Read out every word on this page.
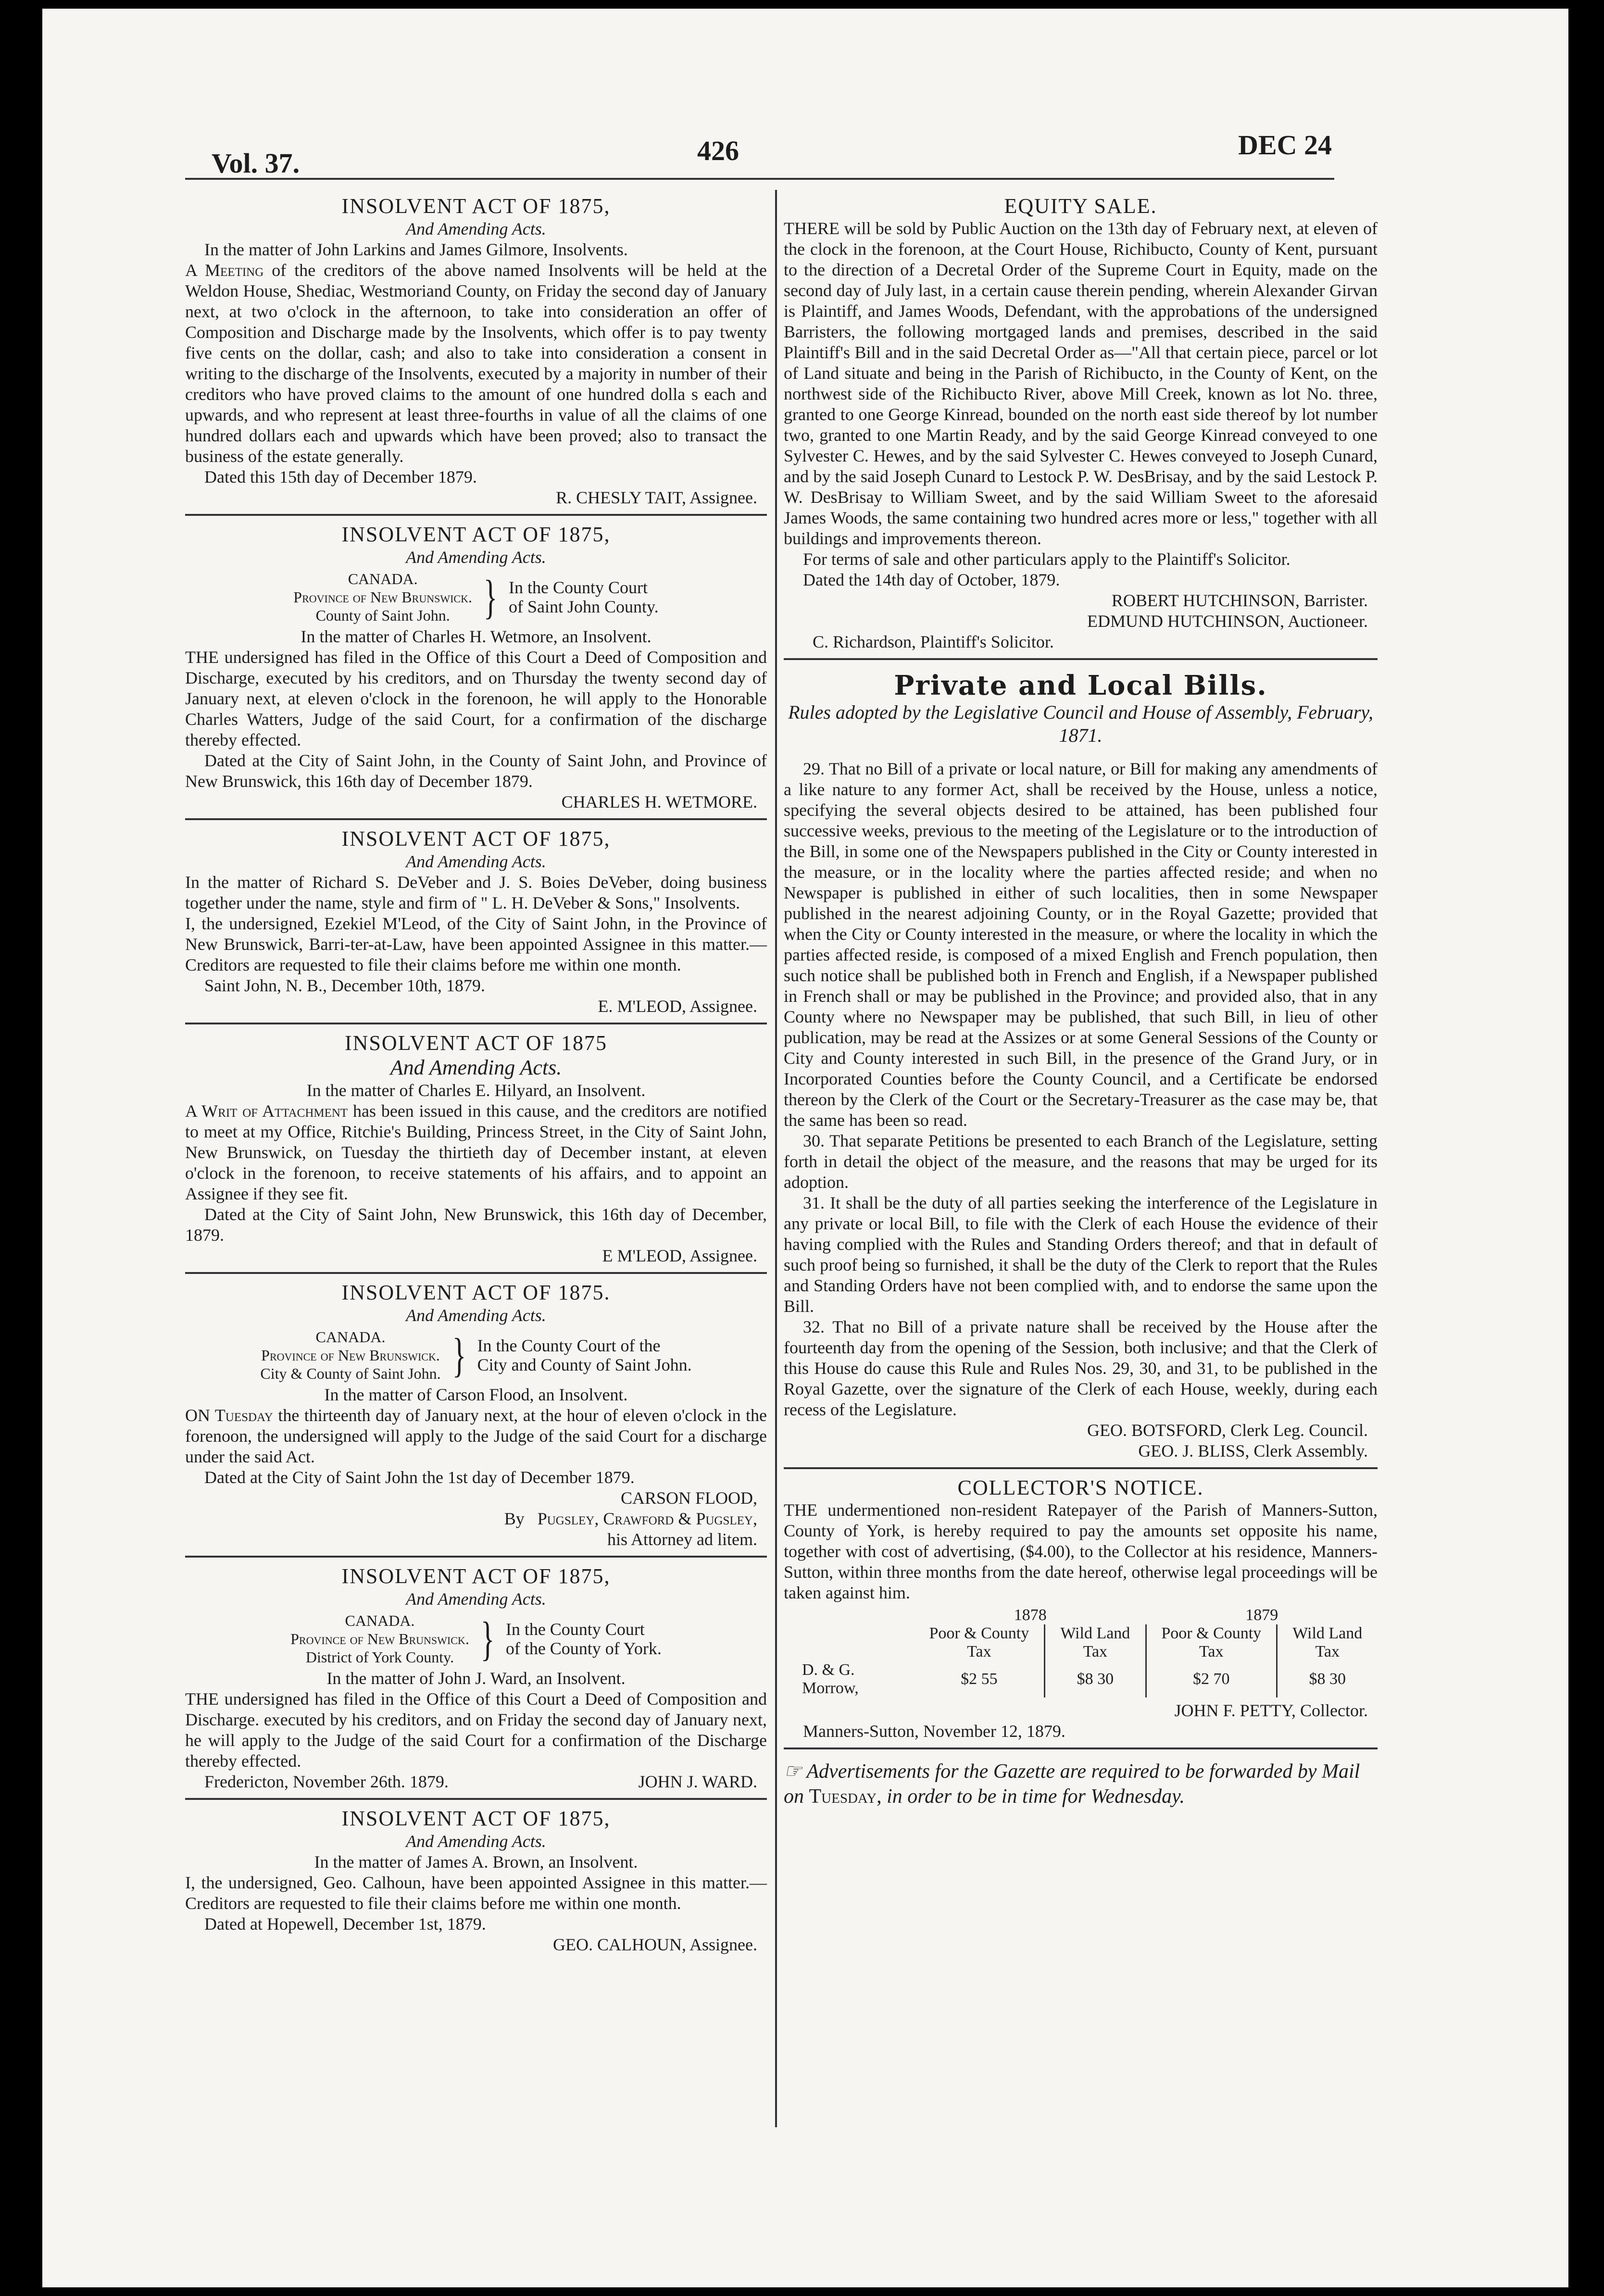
Vol. 37.	426	DEC 24
INSOLVENT ACT OF 1875,
And Amending Acts.

In the matter of John Larkins and James Gilmore, Insolvents.

A Meeting of the creditors of the above named Insolvents will be held at the Weldon House, Shediac, Westmoriand County, on Friday the second day of January next, at two o'clock in the afternoon, to take into consideration an offer of Composition and Discharge made by the Insolvents, which offer is to pay twenty five cents on the dollar, cash; and also to take into consideration a consent in writing to the discharge of the Insolvents, executed by a majority in number of their creditors who have proved claims to the amount of one hundred dolla s each and upwards, and who represent at least three-fourths in value of all the claims of one hundred dollars each and upwards which have been proved; also to transact the business of the estate generally.

Dated this 15th day of December 1879.

R. CHESLY TAIT, Assignee.
INSOLVENT ACT OF 1875,
And Amending Acts.
CANADA.
Province of New Brunswick.
County of Saint John. } In the County Court
of Saint John County.

In the matter of Charles H. Wetmore, an Insolvent.

THE undersigned has filed in the Office of this Court a Deed of Composition and Discharge, executed by his creditors, and on Thursday the twenty second day of January next, at eleven o'clock in the forenoon, he will apply to the Honorable Charles Watters, Judge of the said Court, for a confirmation of the discharge thereby effected.

Dated at the City of Saint John, in the County of Saint John, and Province of New Brunswick, this 16th day of December 1879.

CHARLES H. WETMORE.
INSOLVENT ACT OF 1875,
And Amending Acts.

In the matter of Richard S. DeVeber and J. S. Boies DeVeber, doing business together under the name, style and firm of " L. H. DeVeber & Sons," Insolvents.

I, the undersigned, Ezekiel M'Leod, of the City of Saint John, in the Province of New Brunswick, Barri-ter-at-Law, have been appointed Assignee in this matter.—Creditors are requested to file their claims before me within one month.

Saint John, N. B., December 10th, 1879.

E. M'LEOD, Assignee.
INSOLVENT ACT OF 1875
And Amending Acts.

In the matter of Charles E. Hilyard, an Insolvent.

A Writ of Attachment has been issued in this cause, and the creditors are notified to meet at my Office, Ritchie's Building, Princess Street, in the City of Saint John, New Brunswick, on Tuesday the thirtieth day of December instant, at eleven o'clock in the forenoon, to receive statements of his affairs, and to appoint an Assignee if they see fit.

Dated at the City of Saint John, New Brunswick, this 16th day of December, 1879.

E M'LEOD, Assignee.
INSOLVENT ACT OF 1875.
And Amending Acts.
CANADA.
Province of New Brunswick.
City & County of Saint John. } In the County Court of the
City and County of Saint John.

In the matter of Carson Flood, an Insolvent.

ON Tuesday the thirteenth day of January next, at the hour of eleven o'clock in the forenoon, the undersigned will apply to the Judge of the said Court for a discharge under the said Act.

Dated at the City of Saint John the 1st day of December 1879.

CARSON FLOOD,
By Pugsley, Crawford & Pugsley,
his Attorney ad litem.
INSOLVENT ACT OF 1875,
And Amending Acts.
CANADA.
Province of New Brunswick.
District of York County. } In the County Court
of the County of York.

In the matter of John J. Ward, an Insolvent.

THE undersigned has filed in the Office of this Court a Deed of Composition and Discharge. executed by his creditors, and on Friday the second day of January next, he will apply to the Judge of the said Court for a confirmation of the Discharge thereby effected.

Fredericton, November 26th. 1879.	JOHN J. WARD.
INSOLVENT ACT OF 1875,
And Amending Acts.

In the matter of James A. Brown, an Insolvent.

I, the undersigned, Geo. Calhoun, have been appointed Assignee in this matter.—Creditors are requested to file their claims before me within one month.

Dated at Hopewell, December 1st, 1879.

GEO. CALHOUN, Assignee.
EQUITY SALE.

THERE will be sold by Public Auction on the 13th day of February next, at eleven of the clock in the forenoon, at the Court House, Richibucto, County of Kent, pursuant to the direction of a Decretal Order of the Supreme Court in Equity, made on the second day of July last, in a certain cause therein pending, wherein Alexander Girvan is Plaintiff, and James Woods, Defendant, with the approbations of the undersigned Barristers, the following mortgaged lands and premises, described in the said Plaintiff's Bill and in the said Decretal Order as—"All that certain piece, parcel or lot of Land situate and being in the Parish of Richibucto, in the County of Kent, on the northwest side of the Richibucto River, above Mill Creek, known as lot No. three, granted to one George Kinread, bounded on the north east side thereof by lot number two, granted to one Martin Ready, and by the said George Kinread conveyed to one Sylvester C. Hewes, and by the said Sylvester C. Hewes conveyed to Joseph Cunard, and by the said Joseph Cunard to Lestock P. W. DesBrisay, and by the said Lestock P. W. DesBrisay to William Sweet, and by the said William Sweet to the aforesaid James Woods, the same containing two hundred acres more or less," together with all buildings and improvements thereon.

For terms of sale and other particulars apply to the Plaintiff's Solicitor.

Dated the 14th day of October, 1879.

ROBERT HUTCHINSON, Barrister.
EDMUND HUTCHINSON, Auctioneer.
C. Richardson, Plaintiff's Solicitor.
Private and Local Bills.
Rules adopted by the Legislative Council and House of Assembly, February, 1871.

29. That no Bill of a private or local nature, or Bill for making any amendments of a like nature to any former Act, shall be received by the House, unless a notice, specifying the several objects desired to be attained, has been published four successive weeks, previous to the meeting of the Legislature or to the introduction of the Bill, in some one of the Newspapers published in the City or County interested in the measure, or in the locality where the parties affected reside; and when no Newspaper is published in either of such localities, then in some Newspaper published in the nearest adjoining County, or in the Royal Gazette; provided that when the City or County interested in the measure, or where the locality in which the parties affected reside, is composed of a mixed English and French population, then such notice shall be published both in French and English, if a Newspaper published in French shall or may be published in the Province; and provided also, that in any County where no Newspaper may be published, that such Bill, in lieu of other publication, may be read at the Assizes or at some General Sessions of the County or City and County interested in such Bill, in the presence of the Grand Jury, or in Incorporated Counties before the County Council, and a Certificate be endorsed thereon by the Clerk of the Court or the Secretary-Treasurer as the case may be, that the same has been so read.

30. That separate Petitions be presented to each Branch of the Legislature, setting forth in detail the object of the measure, and the reasons that may be urged for its adoption.

31. It shall be the duty of all parties seeking the interference of the Legislature in any private or local Bill, to file with the Clerk of each House the evidence of their having complied with the Rules and Standing Orders thereof; and that in default of such proof being so furnished, it shall be the duty of the Clerk to report that the Rules and Standing Orders have not been complied with, and to endorse the same upon the Bill.

32. That no Bill of a private nature shall be received by the House after the fourteenth day from the opening of the Session, both inclusive; and that the Clerk of this House do cause this Rule and Rules Nos. 29, 30, and 31, to be published in the Royal Gazette, over the signature of the Clerk of each House, weekly, during each recess of the Legislature.

GEO. BOTSFORD, Clerk Leg. Council.
GEO. J. BLISS, Clerk Assembly.
COLLECTOR'S NOTICE.

THE undermentioned non-resident Ratepayer of the Parish of Manners-Sutton, County of York, is hereby required to pay the amounts set opposite his name, together with cost of advertising, ($4.00), to the Collector at his residence, Manners-Sutton, within three months from the date hereof, otherwise legal proceedings will be taken against him.

	1878		1879	
	Poor & County Tax	Wild Land Tax	Poor & County Tax	Wild Land Tax
D. & G. Morrow,	$2 55	$8 30	$2 70	$8 30
JOHN F. PETTY, Collector.

Manners-Sutton, November 12, 1879.

☞ Advertisements for the Gazette are required to be forwarded by Mail on Tuesday, in order to be in time for Wednesday.
